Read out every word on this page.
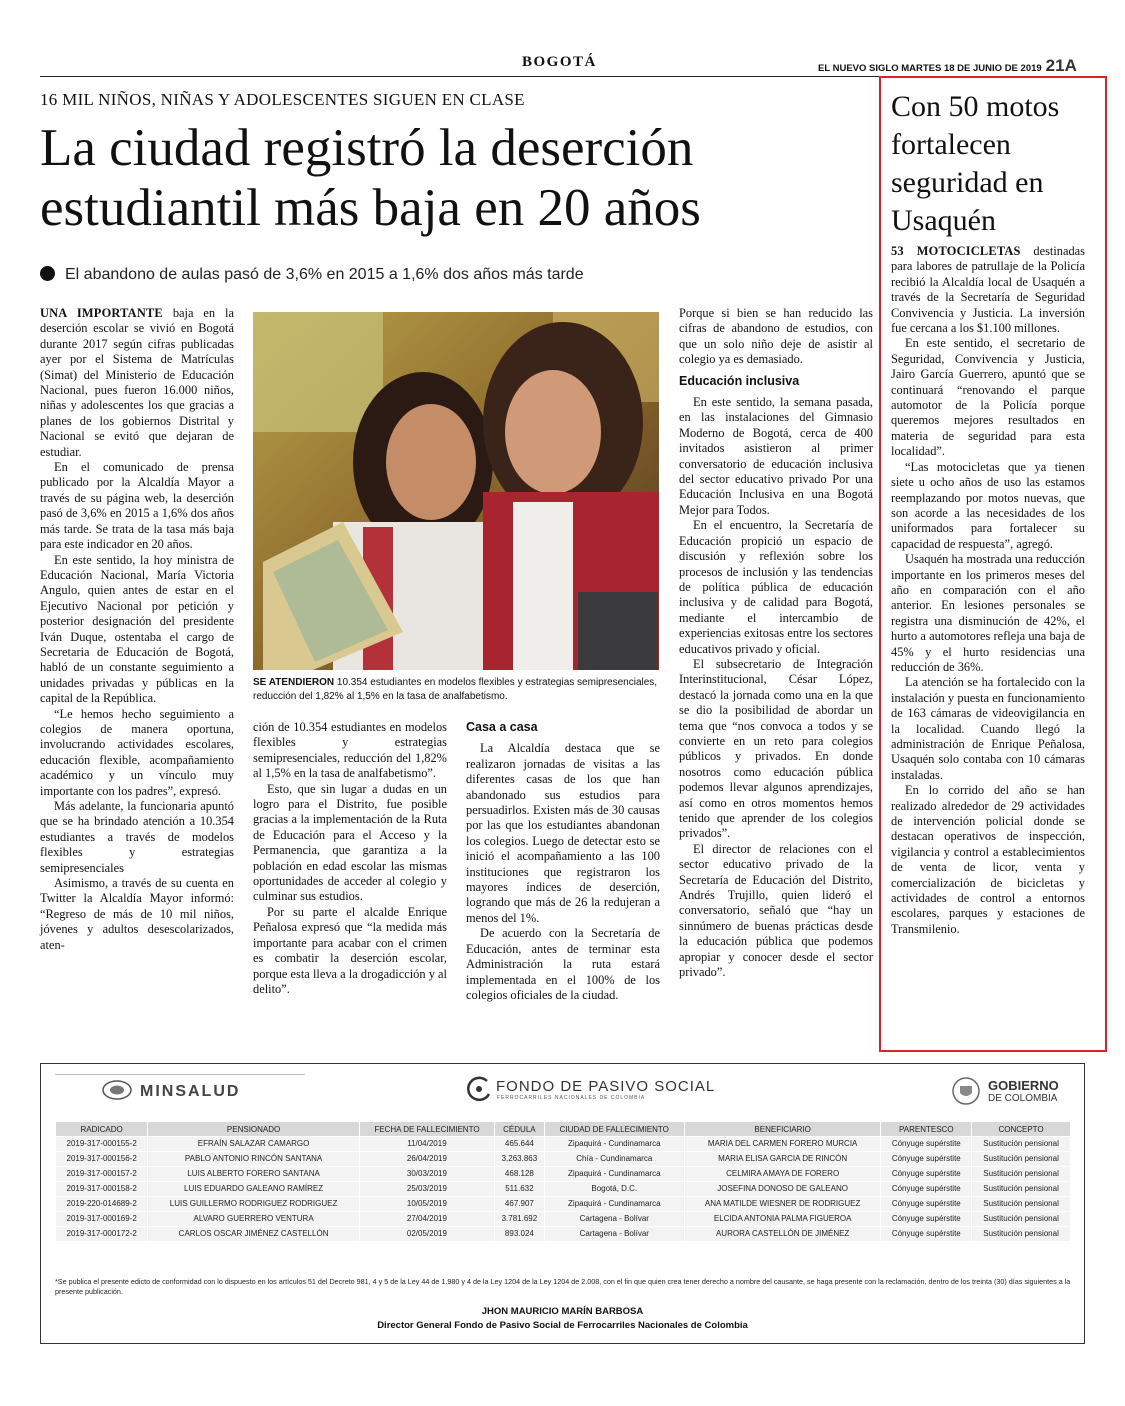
BOGOTÁ	EL NUEVO SIGLO MARTES 18 DE JUNIO DE 2019 21A
16 MIL NIÑOS, NIÑAS Y ADOLESCENTES SIGUEN EN CLASE
La ciudad registró la deserción estudiantil más baja en 20 años
El abandono de aulas pasó de 3,6% en 2015 a 1,6% dos años más tarde

UNA IMPORTANTE baja en la deserción escolar se vivió en Bogotá durante 2017 según cifras publicadas ayer por el Sistema de Matrículas (Simat) del Ministerio de Educación Nacional, pues fueron 16.000 niños, niñas y adolescentes los que gracias a planes de los gobiernos Distrital y Nacional se evitó que dejaran de estudiar.

En el comunicado de prensa publicado por la Alcaldía Mayor a través de su página web, la deserción pasó de 3,6% en 2015 a 1,6% dos años más tarde. Se trata de la tasa más baja para este indicador en 20 años.

En este sentido, la hoy ministra de Educación Nacional, María Victoria Angulo, quien antes de estar en el Ejecutivo Nacional por petición y posterior designación del presidente Iván Duque, ostentaba el cargo de Secretaria de Educación de Bogotá, habló de un constante seguimiento a unidades privadas y públicas en la capital de la República.

“Le hemos hecho seguimiento a colegios de manera oportuna, involucrando actividades escolares, educación flexible, acompañamiento académico y un vínculo muy importante con los padres”, expresó.

Más adelante, la funcionaria apuntó que se ha brindado atención a 10.354 estudiantes a través de modelos flexibles y estrategias semipresenciales

Asimismo, a través de su cuenta en Twitter la Alcaldía Mayor informó: “Regreso de más de 10 mil niños, jóvenes y adultos desescolarizados, aten-

SE ATENDIERON 10.354 estudiantes en modelos flexibles y estrategias semipresenciales, reducción del 1,82% al 1,5% en la tasa de analfabetismo.

ción de 10.354 estudiantes en modelos flexibles y estrategias semipresenciales, reducción del 1,82% al 1,5% en la tasa de analfabetismo”.

Esto, que sin lugar a dudas en un logro para el Distrito, fue posible gracias a la implementación de la Ruta de Educación para el Acceso y la Permanencia, que garantiza a la población en edad escolar las mismas oportunidades de acceder al colegio y culminar sus estudios.

Por su parte el alcalde Enrique Peñalosa expresó que “la medida más importante para acabar con el crimen es combatir la deserción escolar, porque esta lleva a la drogadicción y al delito”.

Casa a casa

La Alcaldía destaca que se realizaron jornadas de visitas a las diferentes casas de los que han abandonado sus estudios para persuadirlos. Existen más de 30 causas por las que los estudiantes abandonan los colegios. Luego de detectar esto se inició el acompañamiento a las 100 instituciones que registraron los mayores índices de deserción, logrando que más de 26 la redujeran a menos del 1%.

De acuerdo con la Secretaría de Educación, antes de terminar esta Administración la ruta estará implementada en el 100% de los colegios oficiales de la ciudad.

Porque si bien se han reducido las cifras de abandono de estudios, con que un solo niño deje de asistir al colegio ya es demasiado.

Educación inclusiva

En este sentido, la semana pasada, en las instalaciones del Gimnasio Moderno de Bogotá, cerca de 400 invitados asistieron al primer conversatorio de educación inclusiva del sector educativo privado Por una Educación Inclusiva en una Bogotá Mejor para Todos.

En el encuentro, la Secretaría de Educación propició un espacio de discusión y reflexión sobre los procesos de inclusión y las tendencias de política pública de educación inclusiva y de calidad para Bogotá, mediante el intercambio de experiencias exitosas entre los sectores educativos privado y oficial.

El subsecretario de Integración Interinstitucional, César López, destacó la jornada como una en la que se dio la posibilidad de abordar un tema que “nos convoca a todos y se convierte en un reto para colegios públicos y privados. En donde nosotros como educación pública podemos llevar algunos aprendizajes, así como en otros momentos hemos tenido que aprender de los colegios privados”.

El director de relaciones con el sector educativo privado de la Secretaría de Educación del Distrito, Andrés Trujillo, quien lideró el conversatorio, señaló que “hay un sinnúmero de buenas prácticas desde la educación pública que podemos apropiar y conocer desde el sector privado”.

Con 50 motos fortalecen seguridad en Usaquén

53 MOTOCICLETAS destinadas para labores de patrullaje de la Policía recibió la Alcaldía local de Usaquén a través de la Secretaría de Seguridad Convivencia y Justicia. La inversión fue cercana a los $1.100 millones.

En este sentido, el secretario de Seguridad, Convivencia y Justicia, Jairo García Guerrero, apuntó que se continuará “renovando el parque automotor de la Policía porque queremos mejores resultados en materia de seguridad para esta localidad”.

“Las motocicletas que ya tienen siete u ocho años de uso las estamos reemplazando por motos nuevas, que son acorde a las necesidades de los uniformados para fortalecer su capacidad de respuesta”, agregó.

Usaquén ha mostrada una reducción importante en los primeros meses del año en comparación con el año anterior. En lesiones personales se registra una disminución de 42%, el hurto a automotores refleja una baja de 45% y el hurto residencias una reducción de 36%.

La atención se ha fortalecido con la instalación y puesta en funcionamiento de 163 cámaras de videovigilancia en la localidad. Cuando llegó la administración de Enrique Peñalosa, Usaquén solo contaba con 10 cámaras instaladas.

En lo corrido del año se han realizado alrededor de 29 actividades de intervención policial donde se destacan operativos de inspección, vigilancia y control a establecimientos de venta de licor, venta y comercialización de bicicletas y actividades de control a entornos escolares, parques y estaciones de Transmilenio.

MINSALUD	FONDO DE PASIVO SOCIAL
FERROCARRILES NACIONALES DE COLOMBIA
GOBIERNO
DE COLOMBIA
RADICADO	PENSIONADO	FECHA DE FALLECIMIENTO	CÉDULA	CIUDAD DE FALLECIMIENTO	BENEFICIARIO	PARENTESCO	CONCEPTO
2019-317-000155-2	EFRAÍN SALAZAR CAMARGO	11/04/2019	465.644	Zipaquirá - Cundinamarca	MARIA DEL CARMEN FORERO MURCIA	Cónyuge supérstite	Sustitución pensional
2019-317-000156-2	PABLO ANTONIO RINCÓN SANTANA	26/04/2019	3.263.863	Chía - Cundinamarca	MARIA ELISA GARCIA DE RINCÓN	Cónyuge supérstite	Sustitución pensional
2019-317-000157-2	LUIS ALBERTO FORERO SANTANA	30/03/2019	468.128	Zipaquirá - Cundinamarca	CELMIRA AMAYA DE FORERO	Cónyuge supérstite	Sustitución pensional
2019-317-000158-2	LUIS EDUARDO GALEANO RAMÍREZ	25/03/2019	511.632	Bogotá, D.C.	JOSEFINA DONOSO DE GALEANO	Cónyuge supérstite	Sustitución pensional
2019-220-014689-2	LUIS GUILLERMO RODRIGUEZ RODRIGUEZ	10/05/2019	467.907	Zipaquirá - Cundinamarca	ANA MATILDE WIESNER DE RODRIGUEZ	Cónyuge supérstite	Sustitución pensional
2019-317-000169-2	ALVARO GUERRERO VENTURA	27/04/2019	3.781.692	Cartagena - Bolívar	ELCIDA ANTONIA PALMA FIGUEROA	Cónyuge supérstite	Sustitución pensional
2019-317-000172-2	CARLOS OSCAR JIMÉNEZ CASTELLÓN	02/05/2019	893.024	Cartagena - Bolívar	AURORA CASTELLÓN DE JIMÉNEZ	Cónyuge supérstite	Sustitución pensional
*Se publica el presente edicto de conformidad con lo dispuesto en los artículos 51 del Decreto 981, 4 y 5 de la Ley 44 de 1.980 y 4 de la Ley 1204 de la Ley 1204 de 2.008, con el fin que quien crea tener derecho a nombre del causante, se haga presente con la reclamación, dentro de los treinta (30) días siguientes a la presente publicación.
JHON MAURICIO MARÍN BARBOSA
Director General Fondo de Pasivo Social de Ferrocarriles Nacionales de Colombia
